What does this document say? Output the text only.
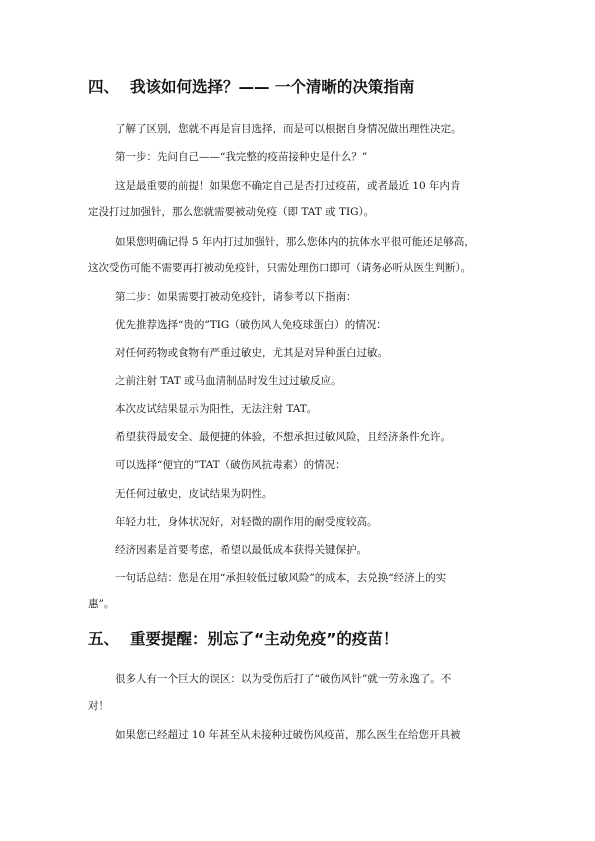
四、 我该如何选择？—— 一个清晰的决策指南

了解了区别，您就不再是盲目选择，而是可以根据自身情况做出理性决定。

第一步：先问自己——“我完整的疫苗接种史是什么？”

这是最重要的前提！如果您不确定自己是否打过疫苗，或者最近 10 年内肯

定没打过加强针，那么您就需要被动免疫（即 TAT 或 TIG）。

如果您明确记得 5 年内打过加强针，那么您体内的抗体水平很可能还足够高，

这次受伤可能不需要再打被动免疫针，只需处理伤口即可（请务必听从医生判断）。

第二步：如果需要打被动免疫针，请参考以下指南：

优先推荐选择“贵的”TIG（破伤风人免疫球蛋白）的情况：

对任何药物或食物有严重过敏史，尤其是对异种蛋白过敏。

之前注射 TAT 或马血清制品时发生过过敏反应。

本次皮试结果显示为阳性，无法注射 TAT。

希望获得最安全、最便捷的体验，不想承担过敏风险，且经济条件允许。

可以选择“便宜的”TAT（破伤风抗毒素）的情况：

无任何过敏史，皮试结果为阴性。

年轻力壮，身体状况好，对轻微的副作用的耐受度较高。

经济因素是首要考虑，希望以最低成本获得关键保护。

一句话总结：您是在用“承担较低过敏风险”的成本，去兑换“经济上的实

惠”。

五、 重要提醒：别忘了“主动免疫”的疫苗！

很多人有一个巨大的误区：以为受伤后打了“破伤风针”就一劳永逸了。不

对！

如果您已经超过 10 年甚至从未接种过破伤风疫苗，那么医生在给您开具被
